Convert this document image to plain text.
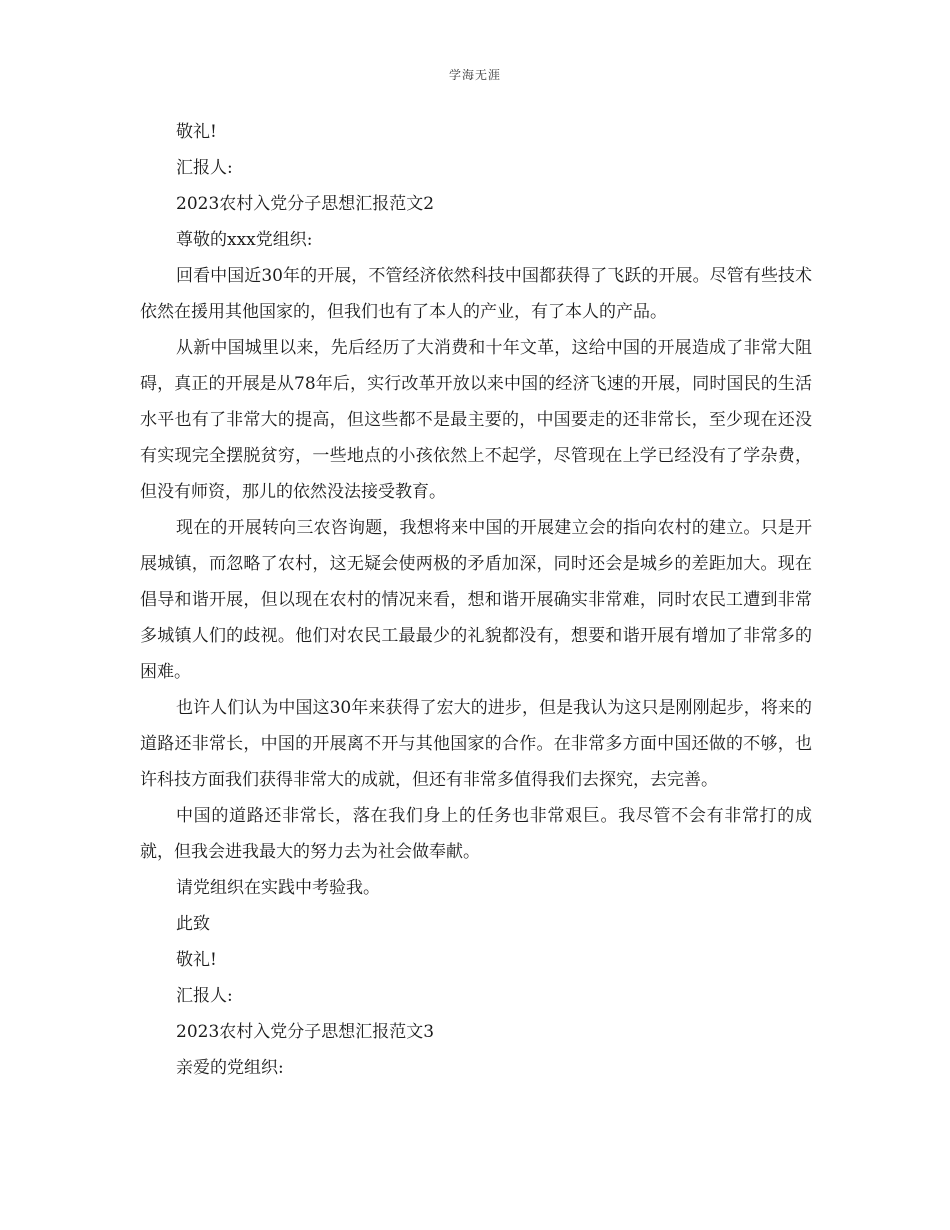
学海无涯

敬礼!

汇报人:

2023农村入党分子思想汇报范文2

尊敬的xxx党组织:

回看中国近30年的开展，不管经济依然科技中国都获得了飞跃的开展。尽管有些技术依然在援用其他国家的，但我们也有了本人的产业，有了本人的产品。

从新中国城里以来，先后经历了大消费和十年文革，这给中国的开展造成了非常大阻碍，真正的开展是从78年后，实行改革开放以来中国的经济飞速的开展，同时国民的生活水平也有了非常大的提高，但这些都不是最主要的，中国要走的还非常长，至少现在还没有实现完全摆脱贫穷，一些地点的小孩依然上不起学，尽管现在上学已经没有了学杂费，但没有师资，那儿的依然没法接受教育。

现在的开展转向三农咨询题，我想将来中国的开展建立会的指向农村的建立。只是开展城镇，而忽略了农村，这无疑会使两极的矛盾加深，同时还会是城乡的差距加大。现在倡导和谐开展，但以现在农村的情况来看，想和谐开展确实非常难，同时农民工遭到非常多城镇人们的歧视。他们对农民工最最少的礼貌都没有，想要和谐开展有增加了非常多的困难。

也许人们认为中国这30年来获得了宏大的进步，但是我认为这只是刚刚起步，将来的道路还非常长，中国的开展离不开与其他国家的合作。在非常多方面中国还做的不够，也许科技方面我们获得非常大的成就，但还有非常多值得我们去探究，去完善。

中国的道路还非常长，落在我们身上的任务也非常艰巨。我尽管不会有非常打的成就，但我会进我最大的努力去为社会做奉献。

请党组织在实践中考验我。

此致

敬礼!

汇报人:

2023农村入党分子思想汇报范文3

亲爱的党组织:
